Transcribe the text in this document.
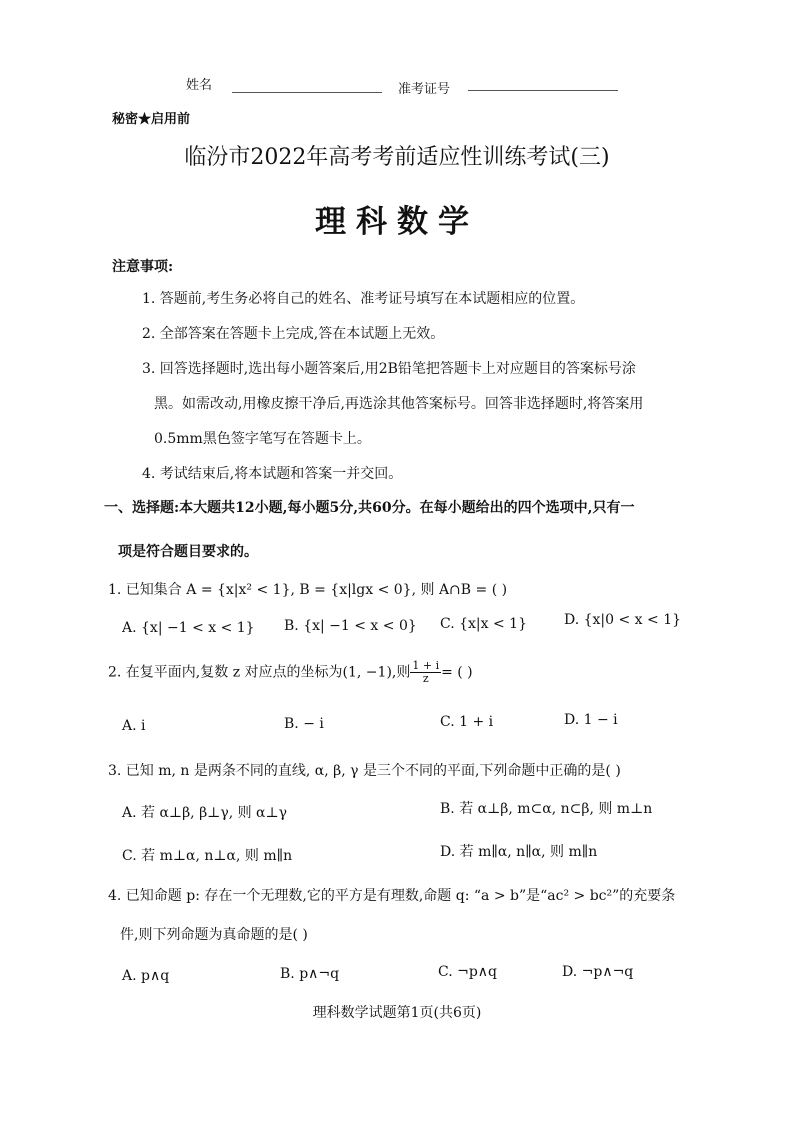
姓名	准考证号
秘密★启用前
临汾市2022年高考考前适应性训练考试(三)
理科数学
注意事项:
1. 答题前,考生务必将自己的姓名、准考证号填写在本试题相应的位置。
2. 全部答案在答题卡上完成,答在本试题上无效。
3. 回答选择题时,选出每小题答案后,用2B铅笔把答题卡上对应题目的答案标号涂
黑。如需改动,用橡皮擦干净后,再选涂其他答案标号。回答非选择题时,将答案用
0.5mm黑色签字笔写在答题卡上。
4. 考试结束后,将本试题和答案一并交回。
一、选择题:本大题共12小题,每小题5分,共60分。在每小题给出的四个选项中,只有一
项是符合题目要求的。
1. 已知集合 A = {x|x² < 1}, B = {x|lgx < 0}, 则 A∩B = ( )
A. {x| −1 < x < 1} B. {x| −1 < x < 0} C. {x|x < 1}	D. {x|0 < x < 1}
2. 在复平面内,复数 z 对应点的坐标为(1, −1),则 $\frac{1 + i}{z}$ = ( )
A. i	B. − i	C. 1 + i	D. 1 − i
3. 已知 m, n 是两条不同的直线, α, β, γ 是三个不同的平面,下列命题中正确的是( )
A. 若 α⊥β, β⊥γ, 则 α⊥γ	B. 若 α⊥β, m⊂α, n⊂β, 则 m⊥n
C. 若 m⊥α, n⊥α, 则 m∥n	D. 若 m∥α, n∥α, 则 m∥n
4. 已知命题 p: 存在一个无理数,它的平方是有理数,命题 q: “a > b”是“ac² > bc²”的充要条
件,则下列命题为真命题的是( )
A. p∧q	B. p∧¬q	C. ¬p∧q	D. ¬p∧¬q
理科数学试题第1页(共6页)
